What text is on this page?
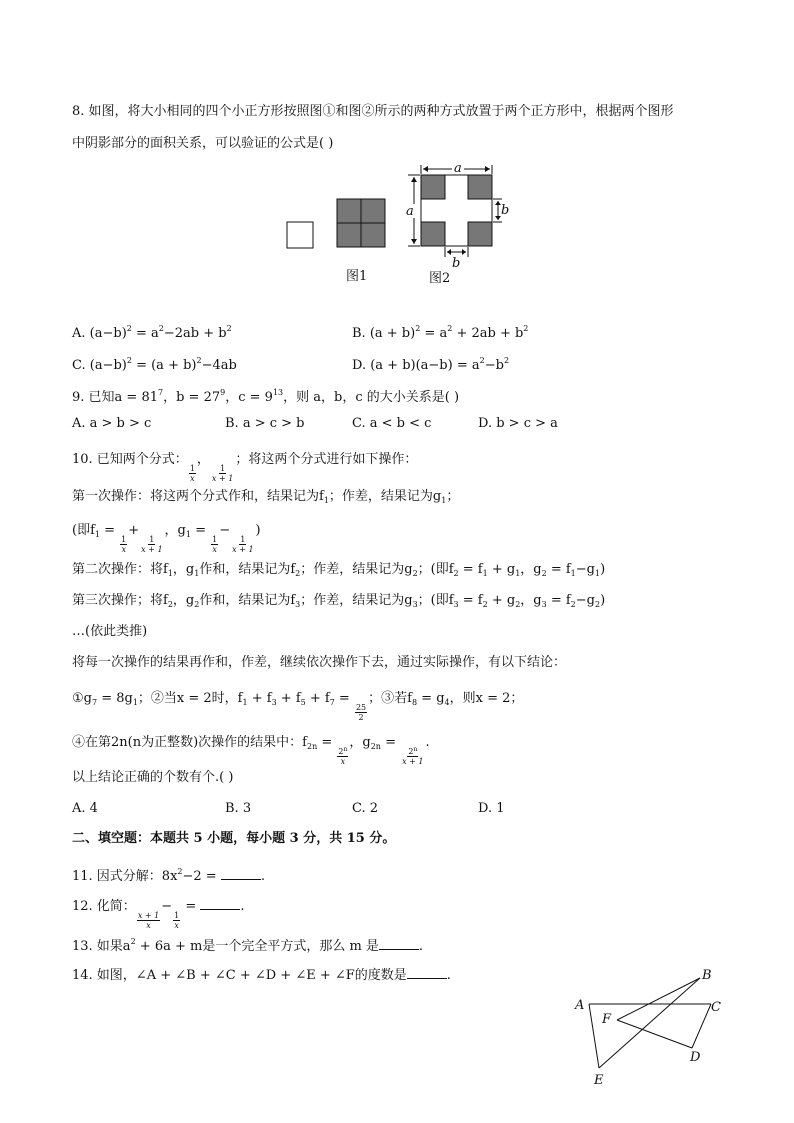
8. 如图，将大小相同的四个小正方形按照图①和图②所示的两种方式放置于两个正方形中，根据两个图形
中阴影部分的面积关系，可以验证的公式是( )
a
a	b
b
图1	图2
A. $(a-b)^2 = a^2-2ab + b^2$	B. $(a + b)^2 = a^2 + 2ab + b^2$
C. $(a-b)^2 = (a + b)^2-4ab$	D. $(a + b)(a-b) = a^2-b^2$
9. 已知$a = 81^7$，$b = 27^9$，$c = 9^{13}$，则 a，b，c 的大小关系是( )
A. a > b > c	B. a > c > b	C. a < b < c	D. b > c > a
10. 已知两个分式：
$\frac{1}{x}$
，
$\frac{1}{x + 1}$
；将这两个分式进行如下操作：
第一次操作：将这两个分式作和，结果记为$f_1$；作差，结果记为$g_1$；
(即$f_1$ =
$\frac{1}{x}$
+
$\frac{1}{x + 1}$
，$g_1$ =
$\frac{1}{x}$
−
$\frac{1}{x + 1}$
)
第二次操作：将$f_1$，$g_1$作和，结果记为$f_2$；作差，结果记为$g_2$；(即$f_2 = f_1 + g_1$，$g_2 = f_1-g_1$)
第三次操作；将$f_2$，$g_2$作和，结果记为$f_3$；作差，结果记为$g_3$；(即$f_3 = f_2 + g_2$，$g_3 = f_2-g_2$)
…(依此类推)
将每一次操作的结果再作和，作差，继续依次操作下去，通过实际操作，有以下结论：
$①g_7 = 8g_1$；②当x = 2时，$f_1 + f_3 + f_5 + f_7$ =
$\frac{25}{2}$
；③若$f_8 = g_4$，则x = 2；
④在第2n(n为正整数)次操作的结果中：$f_{2n}$ =
$\frac{2^n}{x}$
，$g_{2n}$ =
$\frac{2^n}{x + 1}$
.
以上结论正确的个数有个.( )
A. 4	B. 3	C. 2	D. 1
二、填空题：本题共 5 小题，每小题 3 分，共 15 分。
11. 因式分解：$8x^2-2$ =	.
12. 化简：
$\frac{x + 1}{x}$
−
$\frac{1}{x}$
=	.
13. 如果$a^2 + 6a + m$是一个完全平方式，那么 m 是	.
14. 如图，∠A + ∠B + ∠C + ∠D + ∠E + ∠F的度数是	.
A
B
C
D
E
F
